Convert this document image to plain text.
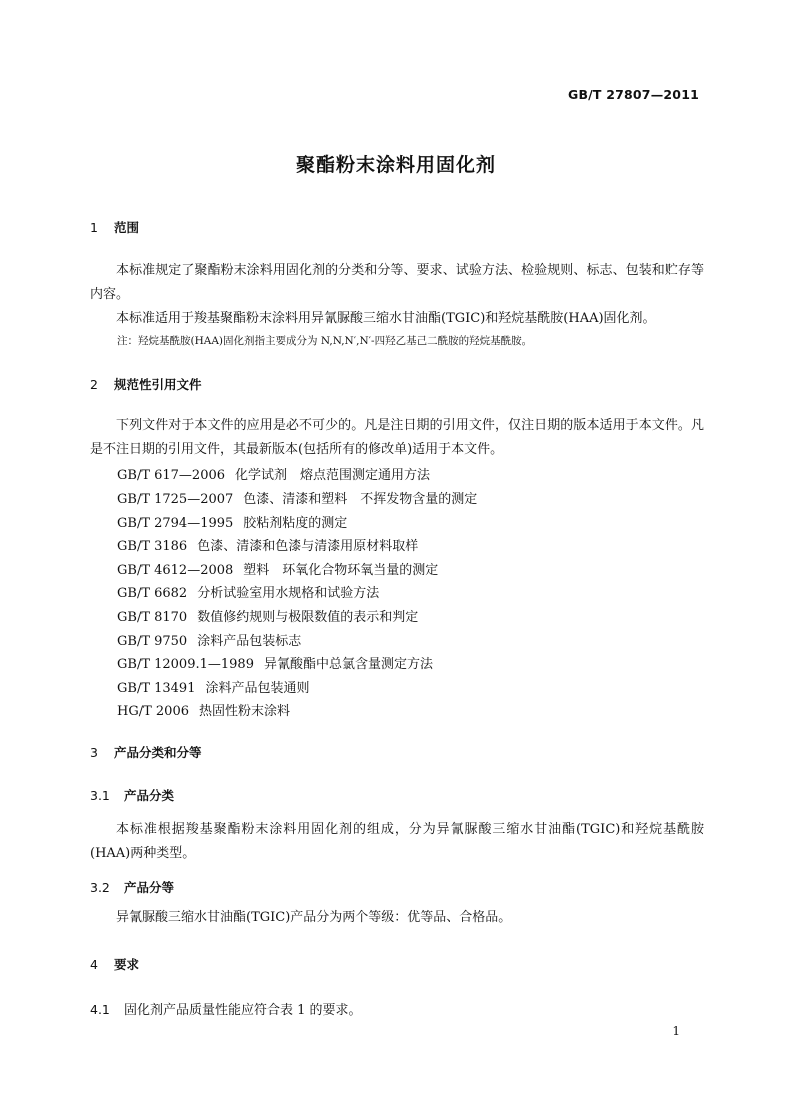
GB/T 27807—2011
聚酯粉末涂料用固化剂
1 范围
本标准规定了聚酯粉末涂料用固化剂的分类和分等、要求、试验方法、检验规则、标志、包装和贮存等内容。
本标准适用于羧基聚酯粉末涂料用异氰脲酸三缩水甘油酯(TGIC)和羟烷基酰胺(HAA)固化剂。
注：羟烷基酰胺(HAA)固化剂指主要成分为 N,N,N′,N′-四羟乙基己二酰胺的羟烷基酰胺。
2 规范性引用文件
下列文件对于本文件的应用是必不可少的。凡是注日期的引用文件，仅注日期的版本适用于本文件。凡是不注日期的引用文件，其最新版本(包括所有的修改单)适用于本文件。
GB/T 617—2006 化学试剂　熔点范围测定通用方法
GB/T 1725—2007 色漆、清漆和塑料　不挥发物含量的测定
GB/T 2794—1995 胶粘剂粘度的测定
GB/T 3186 色漆、清漆和色漆与清漆用原材料取样
GB/T 4612—2008 塑料　环氧化合物环氧当量的测定
GB/T 6682 分析试验室用水规格和试验方法
GB/T 8170 数值修约规则与极限数值的表示和判定
GB/T 9750 涂料产品包装标志
GB/T 12009.1—1989 异氰酸酯中总氯含量测定方法
GB/T 13491 涂料产品包装通则
HG/T 2006 热固性粉末涂料
3 产品分类和分等
3.1 产品分类
本标准根据羧基聚酯粉末涂料用固化剂的组成，分为异氰脲酸三缩水甘油酯(TGIC)和羟烷基酰胺(HAA)两种类型。
3.2 产品分等
异氰脲酸三缩水甘油酯(TGIC)产品分为两个等级：优等品、合格品。
4 要求
4.1 固化剂产品质量性能应符合表 1 的要求。
1
